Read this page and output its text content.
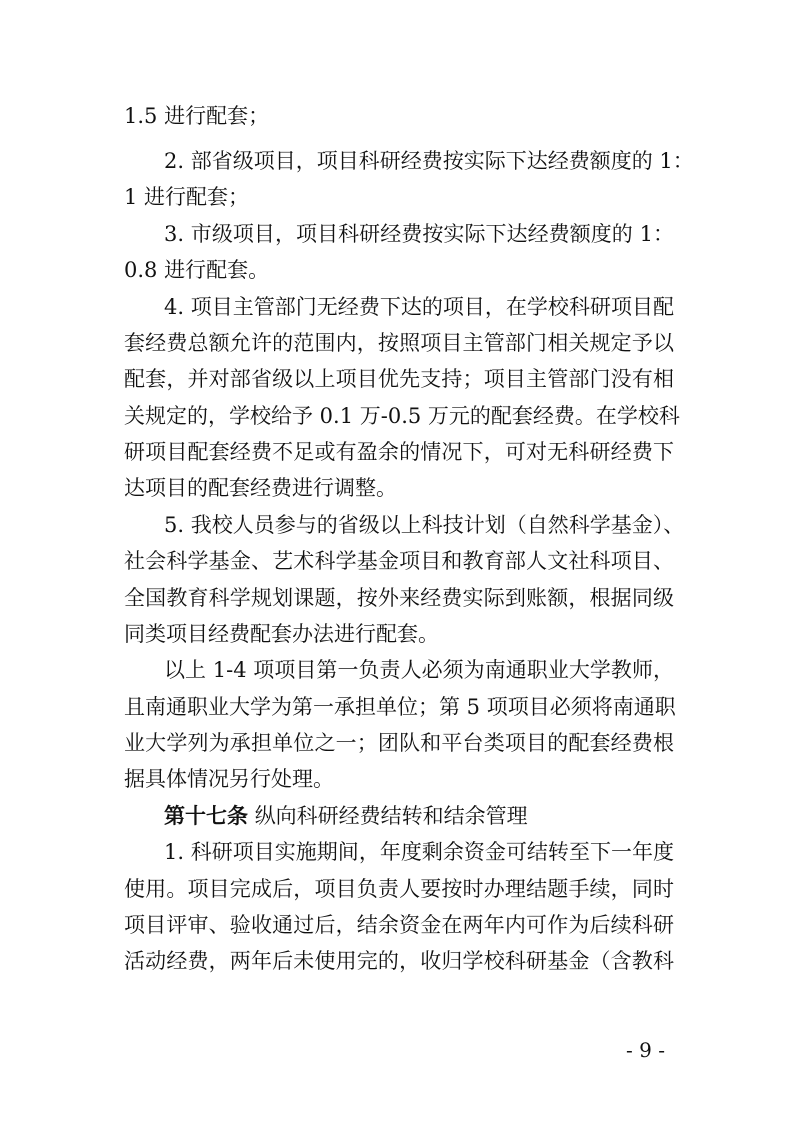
1.5 进行配套；
2. 部省级项目，项目科研经费按实际下达经费额度的 1：
1 进行配套；
3. 市级项目，项目科研经费按实际下达经费额度的 1：
0.8 进行配套。
4. 项目主管部门无经费下达的项目，在学校科研项目配
套经费总额允许的范围内，按照项目主管部门相关规定予以
配套，并对部省级以上项目优先支持；项目主管部门没有相
关规定的，学校给予 0.1 万-0.5 万元的配套经费。在学校科
研项目配套经费不足或有盈余的情况下，可对无科研经费下
达项目的配套经费进行调整。
5. 我校人员参与的省级以上科技计划（自然科学基金）、
社会科学基金、艺术科学基金项目和教育部人文社科项目、
全国教育科学规划课题，按外来经费实际到账额，根据同级
同类项目经费配套办法进行配套。
以上 1-4 项项目第一负责人必须为南通职业大学教师，
且南通职业大学为第一承担单位；第 5 项项目必须将南通职
业大学列为承担单位之一；团队和平台类项目的配套经费根
据具体情况另行处理。
第十七条 纵向科研经费结转和结余管理
1. 科研项目实施期间，年度剩余资金可结转至下一年度
使用。项目完成后，项目负责人要按时办理结题手续，同时
项目评审、验收通过后，结余资金在两年内可作为后续科研
活动经费，两年后未使用完的，收归学校科研基金（含教科
- 9 -
